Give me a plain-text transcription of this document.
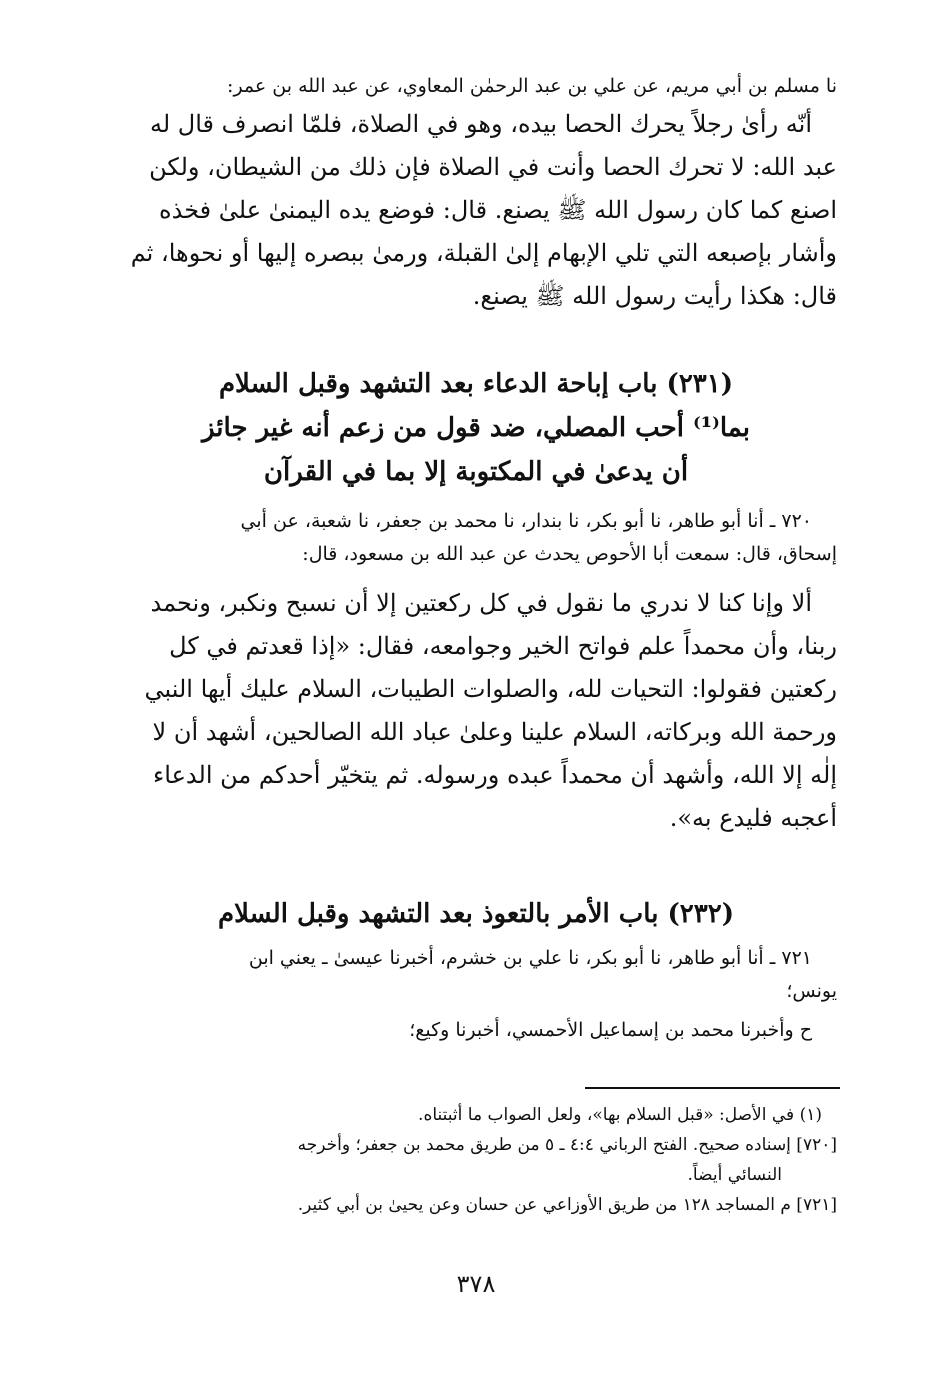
نا مسلم بن أبي مريم، عن علي بن عبد الرحمٰن المعاوي، عن عبد الله بن عمر:
أنّه رأىٰ رجلاً يحرك الحصا بيده، وهو في الصلاة، فلمّا انصرف قال له
عبد الله: لا تحرك الحصا وأنت في الصلاة فإن ذلك من الشيطان، ولكن
اصنع كما كان رسول الله ﷺ يصنع. قال: فوضع يده اليمنىٰ علىٰ فخذه
وأشار بإصبعه التي تلي الإبهام إلىٰ القبلة، ورمىٰ ببصره إليها أو نحوها، ثم
قال: هكذا رأيت رسول الله ﷺ يصنع.
(٢٣١) باب إباحة الدعاء بعد التشهد وقبل السلام
بما⁽¹⁾ أحب المصلي، ضد قول من زعم أنه غير جائز
أن يدعىٰ في المكتوبة إلا بما في القرآن
٧٢٠ ـ أنا أبو طاهر، نا أبو بكر، نا بندار، نا محمد بن جعفر، نا شعبة، عن أبي
إسحاق، قال: سمعت أبا الأحوص يحدث عن عبد الله بن مسعود، قال:
ألا وإنا كنا لا ندري ما نقول في كل ركعتين إلا أن نسبح ونكبر، ونحمد
ربنا، وأن محمداً علم فواتح الخير وجوامعه، فقال: «إذا قعدتم في كل
ركعتين فقولوا: التحيات لله، والصلوات الطيبات، السلام عليك أيها النبي
ورحمة الله وبركاته، السلام علينا وعلىٰ عباد الله الصالحين، أشهد أن لا
إلٰه إلا الله، وأشهد أن محمداً عبده ورسوله. ثم يتخيّر أحدكم من الدعاء
أعجبه فليدع به».
(٢٣٢) باب الأمر بالتعوذ بعد التشهد وقبل السلام
٧٢١ ـ أنا أبو طاهر، نا أبو بكر، نا علي بن خشرم، أخبرنا عيسىٰ ـ يعني ابن
يونس؛
ح وأخبرنا محمد بن إسماعيل الأحمسي، أخبرنا وكيع؛
(١) في الأصل: «قبل السلام بها»، ولعل الصواب ما أثبتناه.
[٧٢٠] إسناده صحيح. الفتح الرباني ٤:٤ ـ ٥ من طريق محمد بن جعفر؛ وأخرجه
النسائي أيضاً.
[٧٢١] م المساجد ١٢٨ من طريق الأوزاعي عن حسان وعن يحيىٰ بن أبي كثير.
٣٧٨
